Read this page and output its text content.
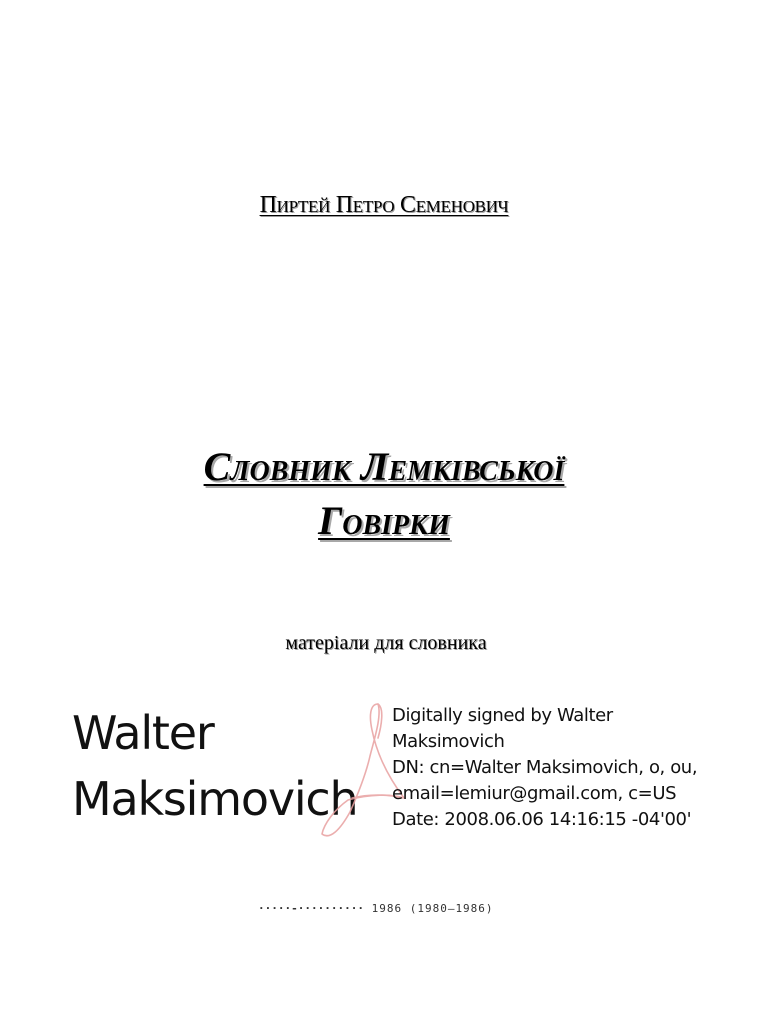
Пиртей Петро Семенович
Словник Лемківської
Говірки
матеріали для словника
Walter
Maksimovich
Digitally signed by Walter
Maksimovich
DN: cn=Walter Maksimovich, o, ou,
email=lemiur@gmail.com, c=US
Date: 2008.06.06 14:16:15 -04'00'
·····-·········· 1986 (1980–1986)
